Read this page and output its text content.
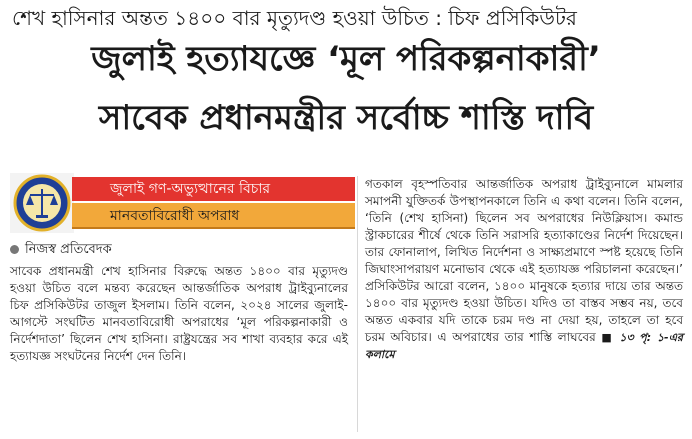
শেখ হাসিনার অন্তত ১৪০০ বার মৃত্যুদণ্ড হওয়া উচিত : চিফ প্রসিকিউটর
জুলাই হত্যাযজ্ঞে ‘মূল পরিকল্পনাকারী’
সাবেক প্রধানমন্ত্রীর সর্বোচ্চ শাস্তি দাবি
জুলাই গণ-অভ্যুত্থানের বিচার
মানবতাবিরোধী অপরাধ
নিজস্ব প্রতিবেদক

সাবেক প্রধানমন্ত্রী শেখ হাসিনার বিরুদ্ধে অন্তত ১৪০০ বার মৃত্যুদণ্ড হওয়া উচিত বলে মন্তব্য করেছেন আন্তর্জাতিক অপরাধ ট্রাইব্যুনালের চিফ প্রসিকিউটর তাজুল ইসলাম। তিনি বলেন, ২০২৪ সালের জুলাই-আগস্টে সংঘটিত মানবতাবিরোধী অপরাধের ‘মূল পরিকল্পনাকারী ও নির্দেশদাতা’ ছিলেন শেখ হাসিনা। রাষ্ট্রযন্ত্রের সব শাখা ব্যবহার করে এই হত্যাযজ্ঞ সংঘটনের নির্দেশ দেন তিনি।

গতকাল বৃহস্পতিবার আন্তর্জাতিক অপরাধ ট্রাইব্যুনালে মামলার সমাপনী যুক্তিতর্ক উপস্থাপনকালে তিনি এ কথা বলেন। তিনি বলেন, ‘তিনি (শেখ হাসিনা) ছিলেন সব অপরাধের নিউক্লিয়াস। কমান্ড স্ট্রাকচারের শীর্ষে থেকে তিনি সরাসরি হত্যাকাণ্ডের নির্দেশ দিয়েছেন। তার ফোনালাপ, লিখিত নির্দেশনা ও সাক্ষ্যপ্রমাণে স্পষ্ট হয়েছে তিনি জিঘাংসাপরায়ণ মনোভাব থেকে এই হত্যাযজ্ঞ পরিচালনা করেছেন।’ প্রসিকিউটর আরো বলেন, ১৪০০ মানুষকে হত্যার দায়ে তার অন্তত ১৪০০ বার মৃত্যুদণ্ড হওয়া উচিত। যদিও তা বাস্তব সম্ভব নয়, তবে অন্তত একবার যদি তাকে চরম দণ্ড না দেয়া হয়, তাহলে তা হবে চরম অবিচার। এ অপরাধের তার শাস্তি লাঘবের ■ ১৩ পৃ: ১-এর কলামে
